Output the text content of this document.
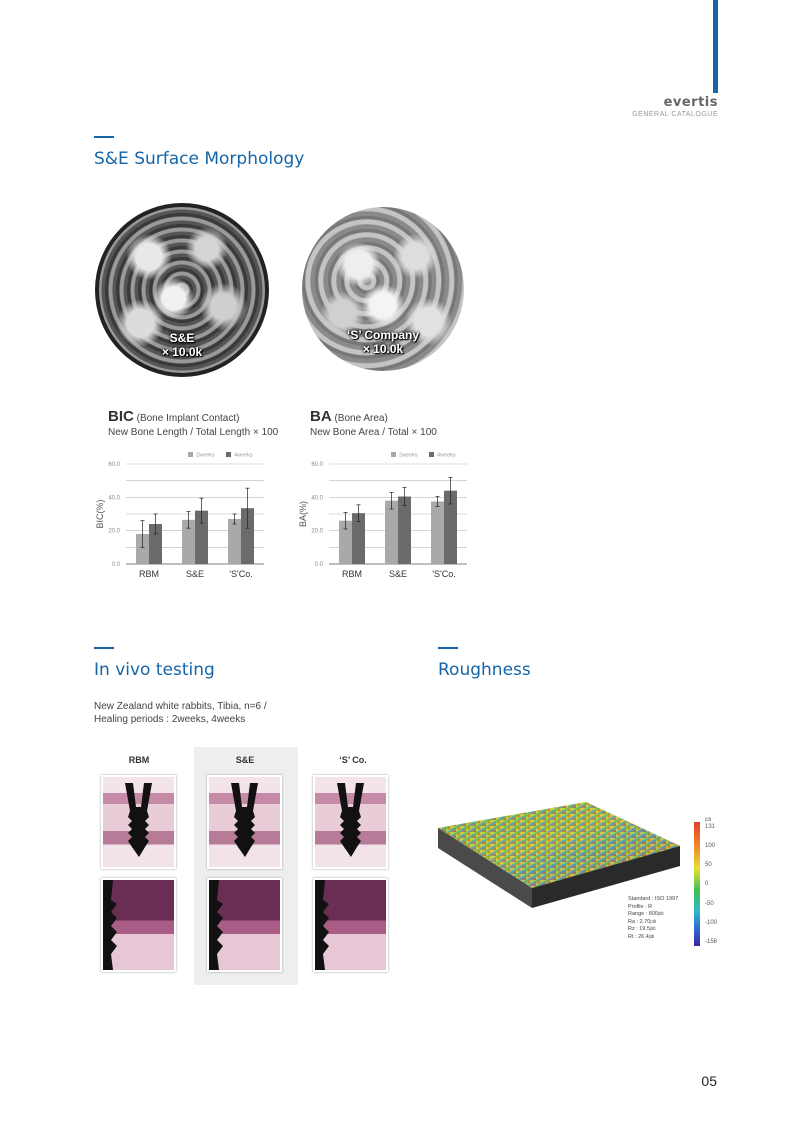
evertis
GENERAL CATALOGUE
S&E Surface Morphology
S&E
× 10.0k
‘S’ Company
× 10.0k
BIC (Bone Implant Contact)
New Bone Length / Total Length × 100
BA (Bone Area)
New Bone Area / Total × 100
0.0
20.0
40.0
60.0
BIC(%)
2weeks	4weeks
RBM	S&E	'S'Co.
0.0
20.0
40.0
60.0
BA(%)
2weeks	4weeks
RBM	S&E	'S'Co.
In vivo testing
New Zealand white rabbits, Tibia, n=6 /
Healing periods : 2weeks, 4weeks
RBM	S&E	‘S’ Co.
Roughness
㎛
131
100
50
0
-50
-100
-158
Standard : ISO 1997
Profile : R
Range : 800㎛
Ra : 2.70㎛
Rz : 19.5㎛
Rt : 26.4㎛
05
